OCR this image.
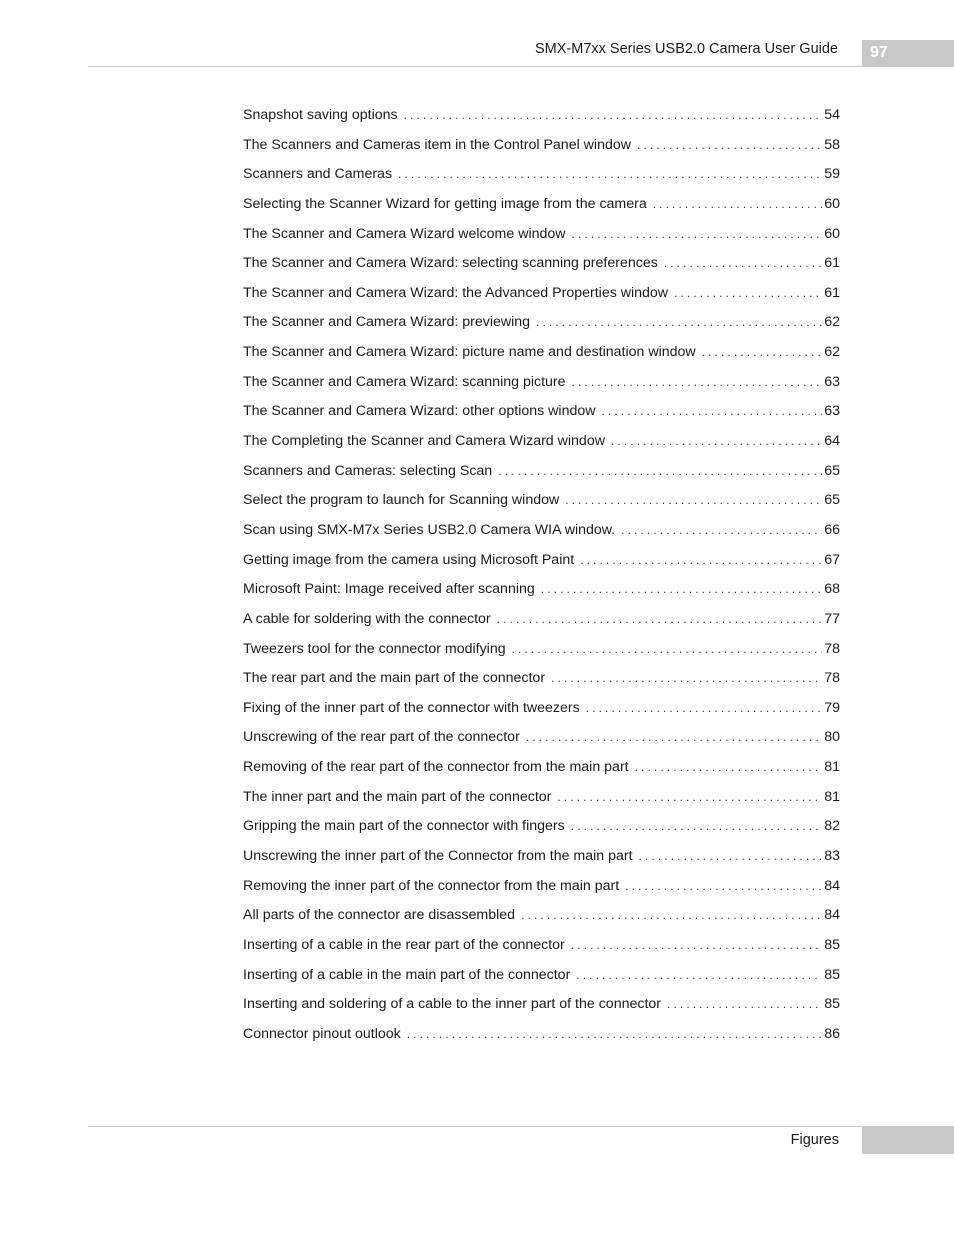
SMX-M7xx Series USB2.0 Camera User Guide	97
Snapshot saving options .....	54
The Scanners and Cameras item in the Control Panel window .....	58
Scanners and Cameras .....	59
Selecting the Scanner Wizard for getting image from the camera .....	60
The Scanner and Camera Wizard welcome window .....	60
The Scanner and Camera Wizard: selecting scanning preferences .....	61
The Scanner and Camera Wizard: the Advanced Properties window .....	61
The Scanner and Camera Wizard: previewing .....	62
The Scanner and Camera Wizard: picture name and destination window .....	62
The Scanner and Camera Wizard: scanning picture .....	63
The Scanner and Camera Wizard: other options window .....	63
The Completing the Scanner and Camera Wizard window .....	64
Scanners and Cameras: selecting Scan .....	65
Select the program to launch for Scanning window .....	65
Scan using SMX-M7x Series USB2.0 Camera WIA window. .....	66
Getting image from the camera using Microsoft Paint .....	67
Microsoft Paint: Image received after scanning .....	68
A cable for soldering with the connector .....	77
Tweezers tool for the connector modifying .....	78
The rear part and the main part of the connector .....	78
Fixing of the inner part of the connector with tweezers .....	79
Unscrewing of the rear part of the connector .....	80
Removing of the rear part of the connector from the main part .....	81
The inner part and the main part of the connector .....	81
Gripping the main part of the connector with fingers .....	82
Unscrewing the inner part of the Connector from the main part .....	83
Removing the inner part of the connector from the main part .....	84
All parts of the connector are disassembled .....	84
Inserting of a cable in the rear part of the connector .....	85
Inserting of a cable in the main part of the connector .....	85
Inserting and soldering of a cable to the inner part of the connector .....	85
Connector pinout outlook .....	86
Figures
